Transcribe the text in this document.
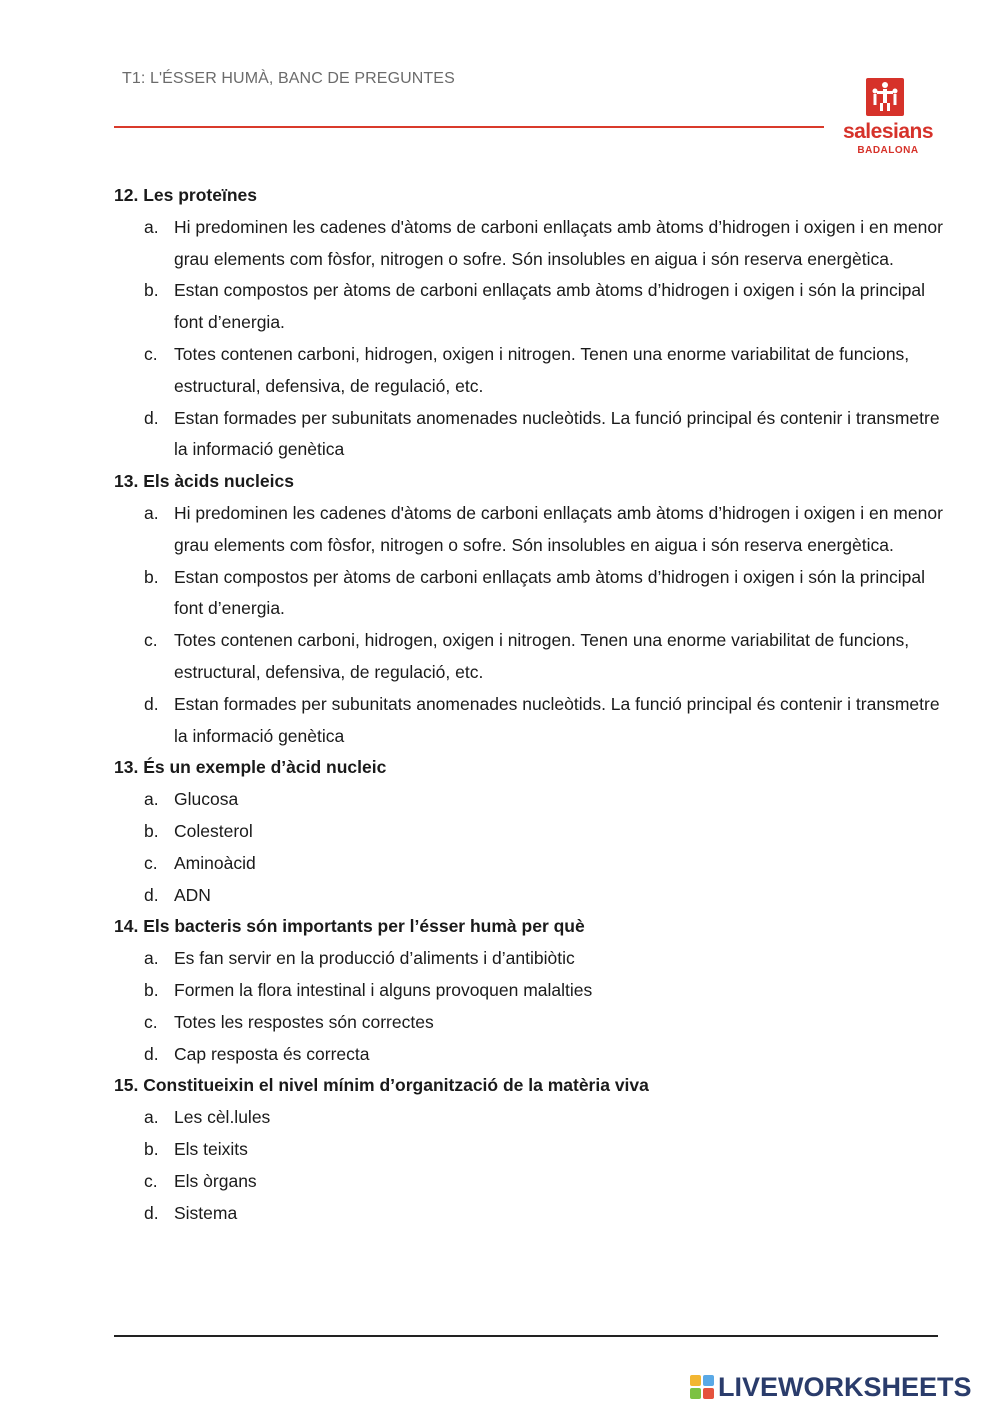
T1: L'ÉSSER HUMÀ, BANC DE PREGUNTES
salesians
BADALONA
12. Les proteïnes
a. Hi predominen les cadenes d'àtoms de carboni enllaçats amb àtoms d’hidrogen i oxigen i en menor grau elements com fòsfor, nitrogen o sofre. Són insolubles en aigua i són reserva energètica.
b. Estan compostos per àtoms de carboni enllaçats amb àtoms d’hidrogen i oxigen i són la principal font d’energia.
c. Totes contenen carboni, hidrogen, oxigen i nitrogen. Tenen una enorme variabilitat de funcions, estructural, defensiva, de regulació, etc.
d. Estan formades per subunitats anomenades nucleòtids. La funció principal és contenir i transmetre la informació genètica
13. Els àcids nucleics
a. Hi predominen les cadenes d'àtoms de carboni enllaçats amb àtoms d’hidrogen i oxigen i en menor grau elements com fòsfor, nitrogen o sofre. Són insolubles en aigua i són reserva energètica.
b. Estan compostos per àtoms de carboni enllaçats amb àtoms d’hidrogen i oxigen i són la principal font d’energia.
c. Totes contenen carboni, hidrogen, oxigen i nitrogen. Tenen una enorme variabilitat de funcions, estructural, defensiva, de regulació, etc.
d. Estan formades per subunitats anomenades nucleòtids. La funció principal és contenir i transmetre la informació genètica
13. És un exemple d’àcid nucleic
a. Glucosa
b. Colesterol
c. Aminoàcid
d. ADN
14. Els bacteris són importants per l’ésser humà per què
a. Es fan servir en la producció d’aliments i d’antibiòtic
b. Formen la flora intestinal i alguns provoquen malalties
c. Totes les respostes són correctes
d. Cap resposta és correcta
15. Constitueixin el nivel mínim d’organització de la matèria viva
a. Les cèl.lules
b. Els teixits
c. Els òrgans
d. Sistema
LIVEWORKSHEETS
